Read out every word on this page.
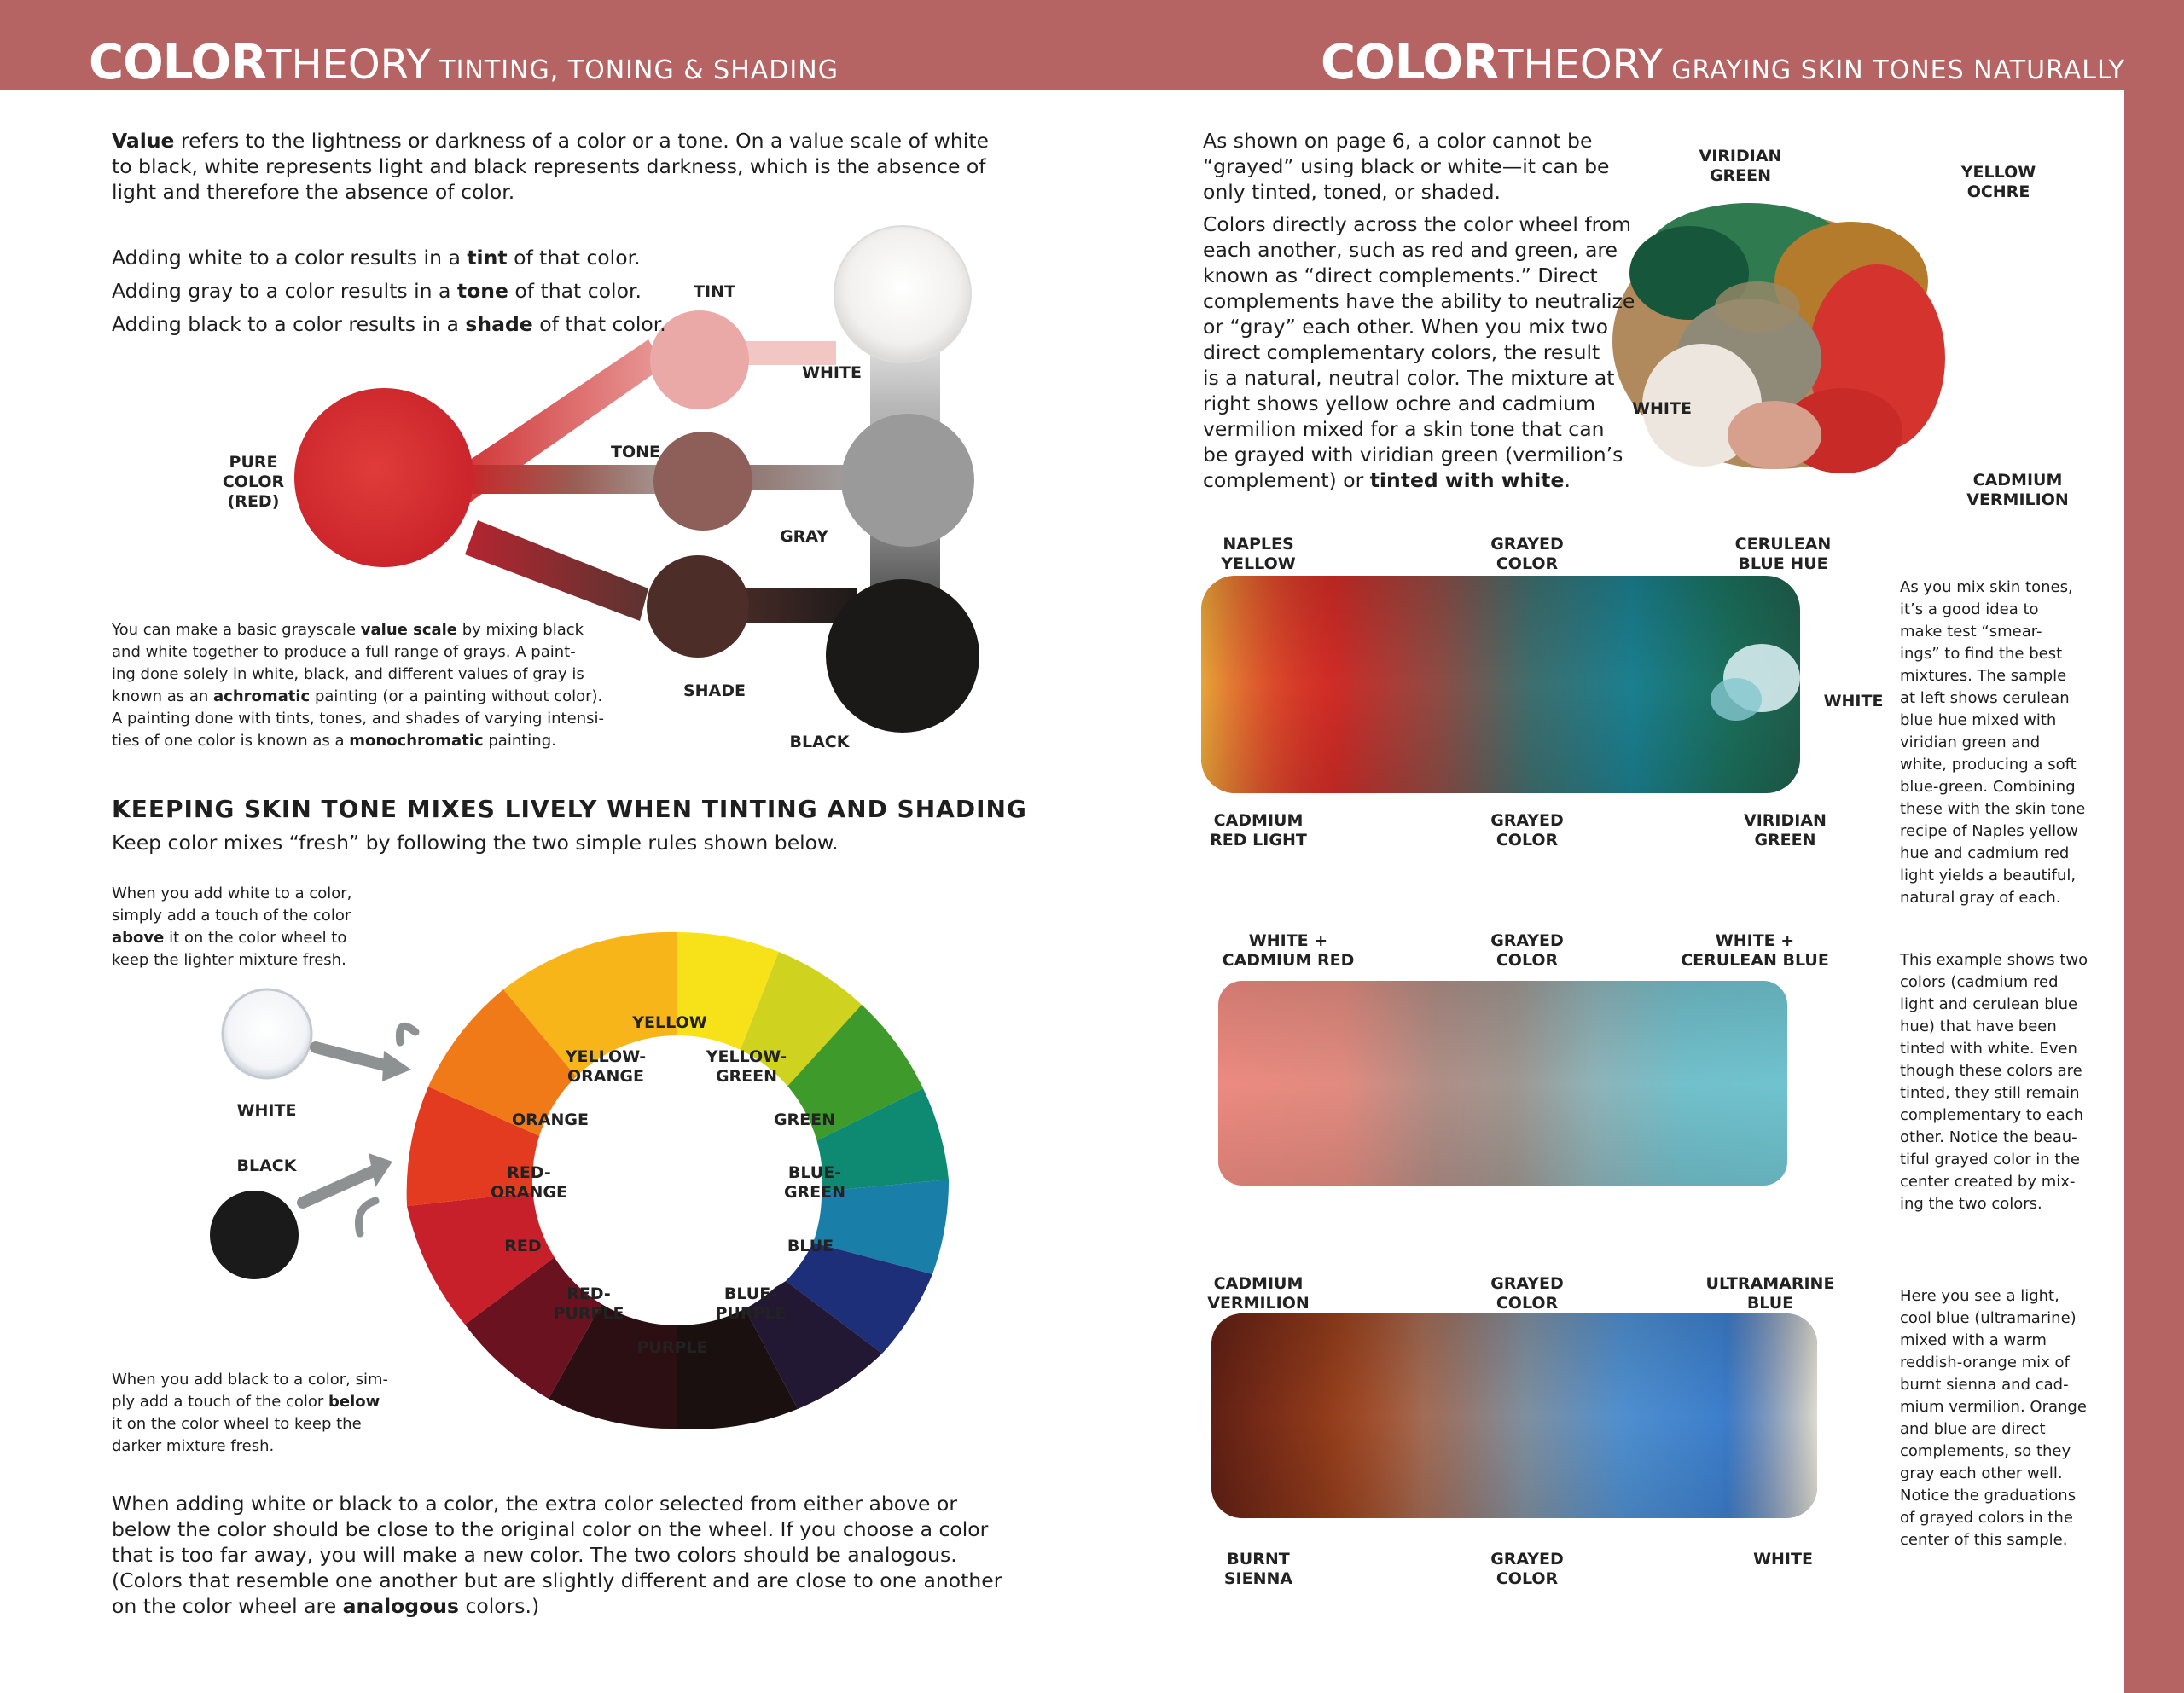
COLORTHEORY TINTING, TONING & SHADING	COLORTHEORY GRAYING SKIN TONES NATURALLY
Value refers to the lightness or darkness of a color or a tone. On a value scale of white to black, white represents light and black represents darkness, which is the absence of light and therefore the absence of color.
Adding white to a color results in a tint of that color.
Adding gray to a color results in a tone of that color.
Adding black to a color results in a shade of that color.
TINT
WHITE
PURE
COLOR
(RED)
TONE
GRAY
SHADE
BLACK
You can make a basic grayscale value scale by mixing black
and white together to produce a full range of grays. A paint-
ing done solely in white, black, and different values of gray is
known as an achromatic painting (or a painting without color).
A painting done with tints, tones, and shades of varying intensi-
ties of one color is known as a monochromatic painting.
KEEPING SKIN TONE MIXES LIVELY WHEN TINTING AND SHADING
Keep color mixes “fresh” by following the two simple rules shown below.
When you add white to a color,
simply add a touch of the color
above it on the color wheel to
keep the lighter mixture fresh.
When you add black to a color, sim-
ply add a touch of the color below
it on the color wheel to keep the
darker mixture fresh.
YELLOW
YELLOW-
ORANGE
YELLOW-
GREEN
ORANGE	GREEN
RED-
ORANGE
BLUE-
GREEN
RED	BLUE
RED-
PURPLE
BLUE-
PURPLE
PURPLE
WHITE
BLACK
When adding white or black to a color, the extra color selected from either above or
below the color should be close to the original color on the wheel. If you choose a color
that is too far away, you will make a new color. The two colors should be analogous.
(Colors that resemble one another but are slightly different and are close to one another
on the color wheel are analogous colors.)
As shown on page 6, a color cannot be
“grayed” using black or white—it can be
only tinted, toned, or shaded.
Colors directly across the color wheel from
each another, such as red and green, are
known as “direct complements.” Direct
complements have the ability to neutralize
or “gray” each other. When you mix two
direct complementary colors, the result
is a natural, neutral color. The mixture at
right shows yellow ochre and cadmium
vermilion mixed for a skin tone that can
be grayed with viridian green (vermilion’s
complement) or tinted with white.
VIRIDIAN
GREEN	YELLOW
OCHRE
WHITE
CADMIUM
VERMILION
NAPLES
YELLOW
GRAYED
COLOR
CERULEAN
BLUE HUE
WHITE
CADMIUM
RED LIGHT
GRAYED
COLOR
VIRIDIAN
GREEN
As you mix skin tones,
it’s a good idea to
make test “smear-
ings” to find the best
mixtures. The sample
at left shows cerulean
blue hue mixed with
viridian green and
white, producing a soft
blue-green. Combining
these with the skin tone
recipe of Naples yellow
hue and cadmium red
light yields a beautiful,
natural gray of each.
WHITE +
CADMIUM RED
GRAYED
COLOR
WHITE +
CERULEAN BLUE	This example shows two
colors (cadmium red
light and cerulean blue
hue) that have been
tinted with white. Even
though these colors are
tinted, they still remain
complementary to each
other. Notice the beau-
tiful grayed color in the
center created by mix-
ing the two colors.
CADMIUM
VERMILION
GRAYED
COLOR
ULTRAMARINE
BLUE
BURNT
SIENNA
GRAYED
COLOR
WHITE
Here you see a light,
cool blue (ultramarine)
mixed with a warm
reddish-orange mix of
burnt sienna and cad-
mium vermilion. Orange
and blue are direct
complements, so they
gray each other well.
Notice the graduations
of grayed colors in the
center of this sample.
